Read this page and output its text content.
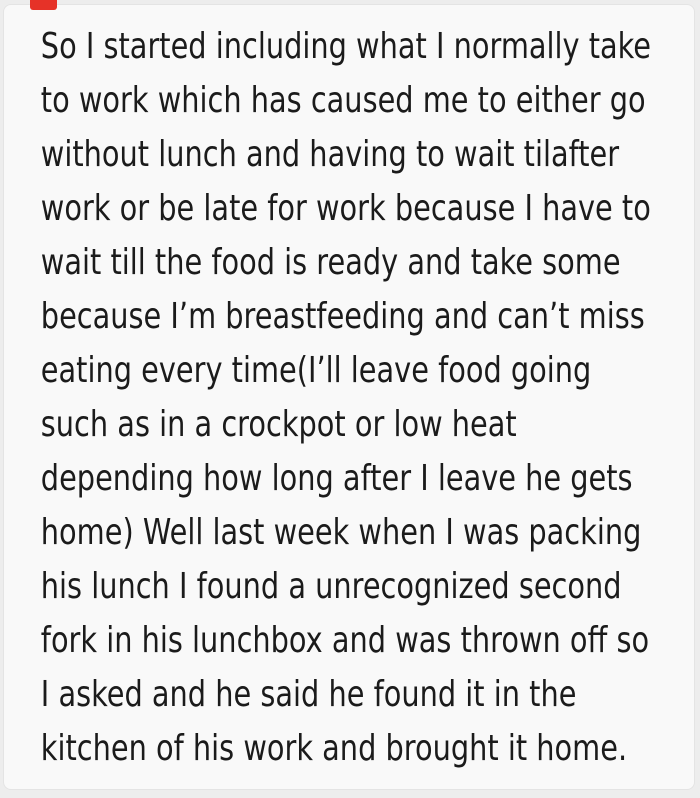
So I started including what I normally take
to work which has caused me to either go
without lunch and having to wait tilafter
work or be late for work because I have to
wait till the food is ready and take some
because I’m breastfeeding and can’t miss
eating every time(I’ll leave food going
such as in a crockpot or low heat
depending how long after I leave he gets
home) Well last week when I was packing
his lunch I found a unrecognized second
fork in his lunchbox and was thrown off so
I asked and he said he found it in the
kitchen of his work and brought it home.
